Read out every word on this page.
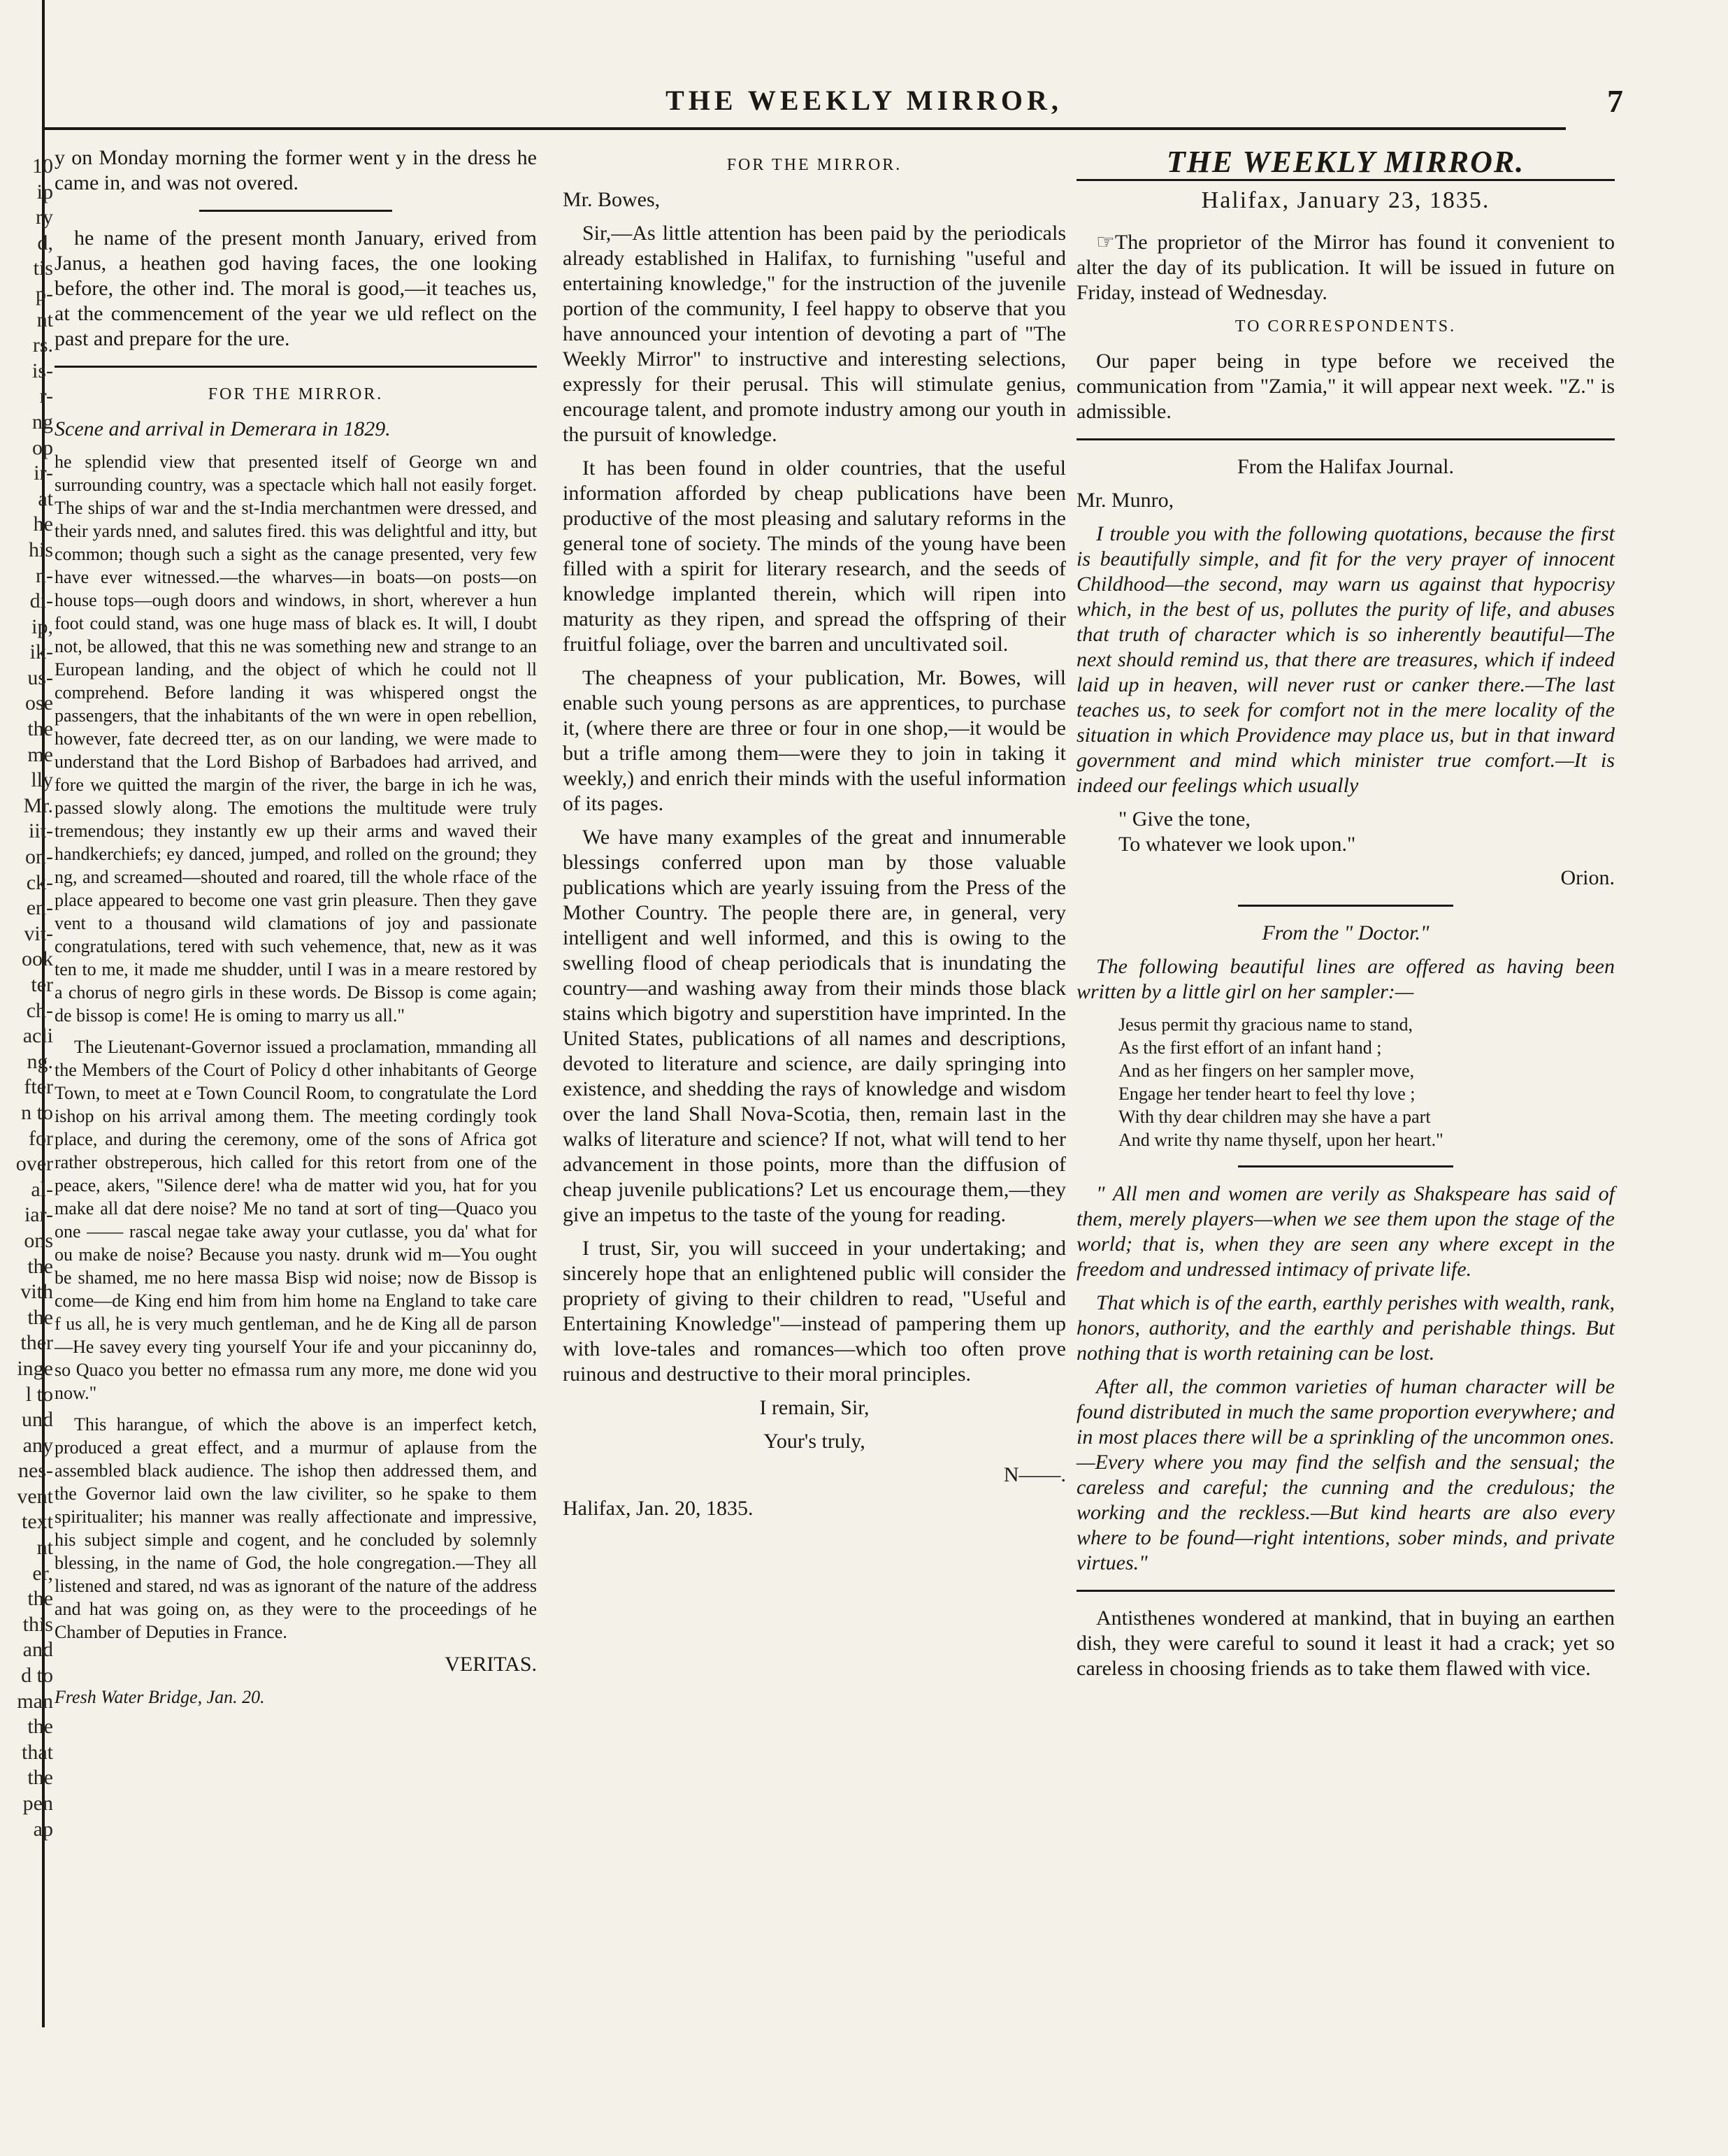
THE WEEKLY MIRROR,	7
10
ip
ry
d,
tis
p-
nt
rs.
is-
r-
ng
op
ir-
at
he
his
n-
di-
ip,
ik-
us-
ose
the
me
lly
Mr.
iit-
on-
ck-
en-
vit-
ook
ter
ch-
acli
ng.
fter
n to
for
over
al-
iar-
ons
the
vith
the
ther
inge
l to
und
any
nes-
vent
text
nt
er,
the
this
and
d to
man
the
that
the
pen
ap

y on Monday morning the former went y in the dress he came in, and was not overed.

he name of the present month January, erived from Janus, a heathen god having faces, the one looking before, the other ind. The moral is good,—it teaches us, at the commencement of the year we uld reflect on the past and prepare for the ure.

FOR THE MIRROR.

Scene and arrival in Demerara in 1829.

he splendid view that presented itself of George wn and surrounding country, was a spectacle which hall not easily forget. The ships of war and the st-India merchantmen were dressed, and their yards nned, and salutes fired. this was delightful and itty, but common; though such a sight as the canage presented, very few have ever witnessed.—the wharves—in boats—on posts—on house tops—ough doors and windows, in short, wherever a hun foot could stand, was one huge mass of black es. It will, I doubt not, be allowed, that this ne was something new and strange to an European landing, and the object of which he could not ll comprehend. Before landing it was whispered ongst the passengers, that the inhabitants of the wn were in open rebellion, however, fate decreed tter, as on our landing, we were made to understand that the Lord Bishop of Barbadoes had arrived, and fore we quitted the margin of the river, the barge in ich he was, passed slowly along. The emotions the multitude were truly tremendous; they instantly ew up their arms and waved their handkerchiefs; ey danced, jumped, and rolled on the ground; they ng, and screamed—shouted and roared, till the whole rface of the place appeared to become one vast grin pleasure. Then they gave vent to a thousand wild clamations of joy and passionate congratulations, tered with such vehemence, that, new as it was ten to me, it made me shudder, until I was in a meare restored by a chorus of negro girls in these words. De Bissop is come again; de bissop is come! He is oming to marry us all."

The Lieutenant-Governor issued a proclamation, mmanding all the Members of the Court of Policy d other inhabitants of George Town, to meet at e Town Council Room, to congratulate the Lord ishop on his arrival among them. The meeting cordingly took place, and during the ceremony, ome of the sons of Africa got rather obstreperous, hich called for this retort from one of the peace, akers, "Silence dere! wha de matter wid you, hat for you make all dat dere noise? Me no tand at sort of ting—Quaco you one —— rascal negae take away your cutlasse, you da' what for ou make de noise? Because you nasty. drunk wid m—You ought be shamed, me no here massa Bisp wid noise; now de Bissop is come—de King end him from him home na England to take care f us all, he is very much gentleman, and he de King all de parson—He savey every ting yourself Your ife and your piccaninny do, so Quaco you better no efmassa rum any more, me done wid you now."

This harangue, of which the above is an imperfect ketch, produced a great effect, and a murmur of aplause from the assembled black audience. The ishop then addressed them, and the Governor laid own the law civiliter, so he spake to them spiritualiter; his manner was really affectionate and impressive, his subject simple and cogent, and he concluded by solemnly blessing, in the name of God, the hole congregation.—They all listened and stared, nd was as ignorant of the nature of the address and hat was going on, as they were to the proceedings of he Chamber of Deputies in France.

VERITAS.

Fresh Water Bridge, Jan. 20.

FOR THE MIRROR.

Mr. Bowes,

Sir,—As little attention has been paid by the periodicals already established in Halifax, to furnishing "useful and entertaining knowledge," for the instruction of the juvenile portion of the community, I feel happy to observe that you have announced your intention of devoting a part of "The Weekly Mirror" to instructive and interesting selections, expressly for their perusal. This will stimulate genius, encourage talent, and promote industry among our youth in the pursuit of knowledge.

It has been found in older countries, that the useful information afforded by cheap publications have been productive of the most pleasing and salutary reforms in the general tone of society. The minds of the young have been filled with a spirit for literary research, and the seeds of knowledge implanted therein, which will ripen into maturity as they ripen, and spread the offspring of their fruitful foliage, over the barren and uncultivated soil.

The cheapness of your publication, Mr. Bowes, will enable such young persons as are apprentices, to purchase it, (where there are three or four in one shop,—it would be but a trifle among them—were they to join in taking it weekly,) and enrich their minds with the useful information of its pages.

We have many examples of the great and innumerable blessings conferred upon man by those valuable publications which are yearly issuing from the Press of the Mother Country. The people there are, in general, very intelligent and well informed, and this is owing to the swelling flood of cheap periodicals that is inundating the country—and washing away from their minds those black stains which bigotry and superstition have imprinted. In the United States, publications of all names and descriptions, devoted to literature and science, are daily springing into existence, and shedding the rays of knowledge and wisdom over the land Shall Nova-Scotia, then, remain last in the walks of literature and science? If not, what will tend to her advancement in those points, more than the diffusion of cheap juvenile publications? Let us encourage them,—they give an impetus to the taste of the young for reading.

I trust, Sir, you will succeed in your undertaking; and sincerely hope that an enlightened public will consider the propriety of giving to their children to read, "Useful and Entertaining Knowledge"—instead of pampering them up with love-tales and romances—which too often prove ruinous and destructive to their moral principles.

I remain, Sir,

Your's truly,

N——.

Halifax, Jan. 20, 1835.

THE WEEKLY MIRROR.
Halifax, January 23, 1835.

☞The proprietor of the Mirror has found it convenient to alter the day of its publication. It will be issued in future on Friday, instead of Wednesday.

TO CORRESPONDENTS.

Our paper being in type before we received the communication from "Zamia," it will appear next week. "Z." is admissible.

From the Halifax Journal.

Mr. Munro,

I trouble you with the following quotations, because the first is beautifully simple, and fit for the very prayer of innocent Childhood—the second, may warn us against that hypocrisy which, in the best of us, pollutes the purity of life, and abuses that truth of character which is so inherently beautiful—The next should remind us, that there are treasures, which if indeed laid up in heaven, will never rust or canker there.—The last teaches us, to seek for comfort not in the mere locality of the situation in which Providence may place us, but in that inward government and mind which minister true comfort.—It is indeed our feelings which usually

" Give the tone,

To whatever we look upon."

Orion.

From the " Doctor."

The following beautiful lines are offered as having been written by a little girl on her sampler:—

Jesus permit thy gracious name to stand,

As the first effort of an infant hand ;

And as her fingers on her sampler move,

Engage her tender heart to feel thy love ;

With thy dear children may she have a part

And write thy name thyself, upon her heart."

" All men and women are verily as Shakspeare has said of them, merely players—when we see them upon the stage of the world; that is, when they are seen any where except in the freedom and undressed intimacy of private life.

That which is of the earth, earthly perishes with wealth, rank, honors, authority, and the earthly and perishable things. But nothing that is worth retaining can be lost.

After all, the common varieties of human character will be found distributed in much the same proportion everywhere; and in most places there will be a sprinkling of the uncommon ones.—Every where you may find the selfish and the sensual; the careless and careful; the cunning and the credulous; the working and the reckless.—But kind hearts are also every where to be found—right intentions, sober minds, and private virtues."

Antisthenes wondered at mankind, that in buying an earthen dish, they were careful to sound it least it had a crack; yet so careless in choosing friends as to take them flawed with vice.
